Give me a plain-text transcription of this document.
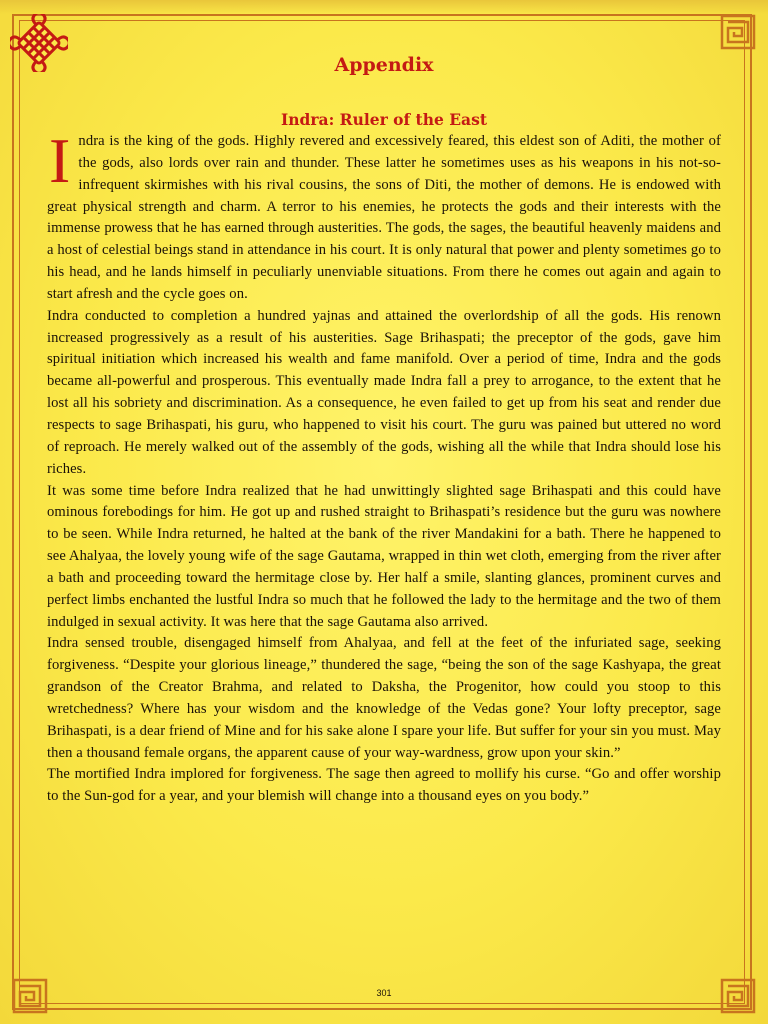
Appendix
Indra: Ruler of the East

Indra is the king of the gods. Highly revered and excessively feared, this eldest son of Aditi, the mother of the gods, also lords over rain and thunder. These latter he sometimes uses as his weapons in his not-so-infrequent skirmishes with his rival cousins, the sons of Diti, the mother of demons. He is endowed with great physical strength and charm. A terror to his enemies, he protects the gods and their interests with the immense prowess that he has earned through austerities. The gods, the sages, the beautiful heavenly maidens and a host of celestial beings stand in attendance in his court. It is only natural that power and plenty sometimes go to his head, and he lands himself in peculiarly unenviable situations. From there he comes out again and again to start afresh and the cycle goes on.

Indra conducted to completion a hundred yajnas and attained the overlordship of all the gods. His renown increased progressively as a result of his austerities. Sage Brihaspati; the preceptor of the gods, gave him spiritual initiation which increased his wealth and fame manifold. Over a period of time, Indra and the gods became all-powerful and prosperous. This eventually made Indra fall a prey to arrogance, to the extent that he lost all his sobriety and discrimination. As a consequence, he even failed to get up from his seat and render due respects to sage Brihaspati, his guru, who happened to visit his court. The guru was pained but uttered no word of reproach. He merely walked out of the assembly of the gods, wishing all the while that Indra should lose his riches.

It was some time before Indra realized that he had unwittingly slighted sage Brihaspati and this could have ominous forebodings for him. He got up and rushed straight to Brihaspati’s residence but the guru was nowhere to be seen. While Indra returned, he halted at the bank of the river Mandakini for a bath. There he happened to see Ahalyaa, the lovely young wife of the sage Gautama, wrapped in thin wet cloth, emerging from the river after a bath and proceeding toward the hermitage close by. Her half a smile, slanting glances, prominent curves and perfect limbs enchanted the lustful Indra so much that he followed the lady to the hermitage and the two of them indulged in sexual activity. It was here that the sage Gautama also arrived.

Indra sensed trouble, disengaged himself from Ahalyaa, and fell at the feet of the infuriated sage, seeking forgiveness. “Despite your glorious lineage,” thundered the sage, “being the son of the sage Kashyapa, the great grandson of the Creator Brahma, and related to Daksha, the Progenitor, how could you stoop to this wretchedness? Where has your wisdom and the knowledge of the Vedas gone? Your lofty preceptor, sage Brihaspati, is a dear friend of Mine and for his sake alone I spare your life. But suffer for your sin you must. May then a thousand female organs, the apparent cause of your way-wardness, grow upon your skin.”

The mortified Indra implored for forgiveness. The sage then agreed to mollify his curse. “Go and offer worship to the Sun-god for a year, and your blemish will change into a thousand eyes on you body.”

301
